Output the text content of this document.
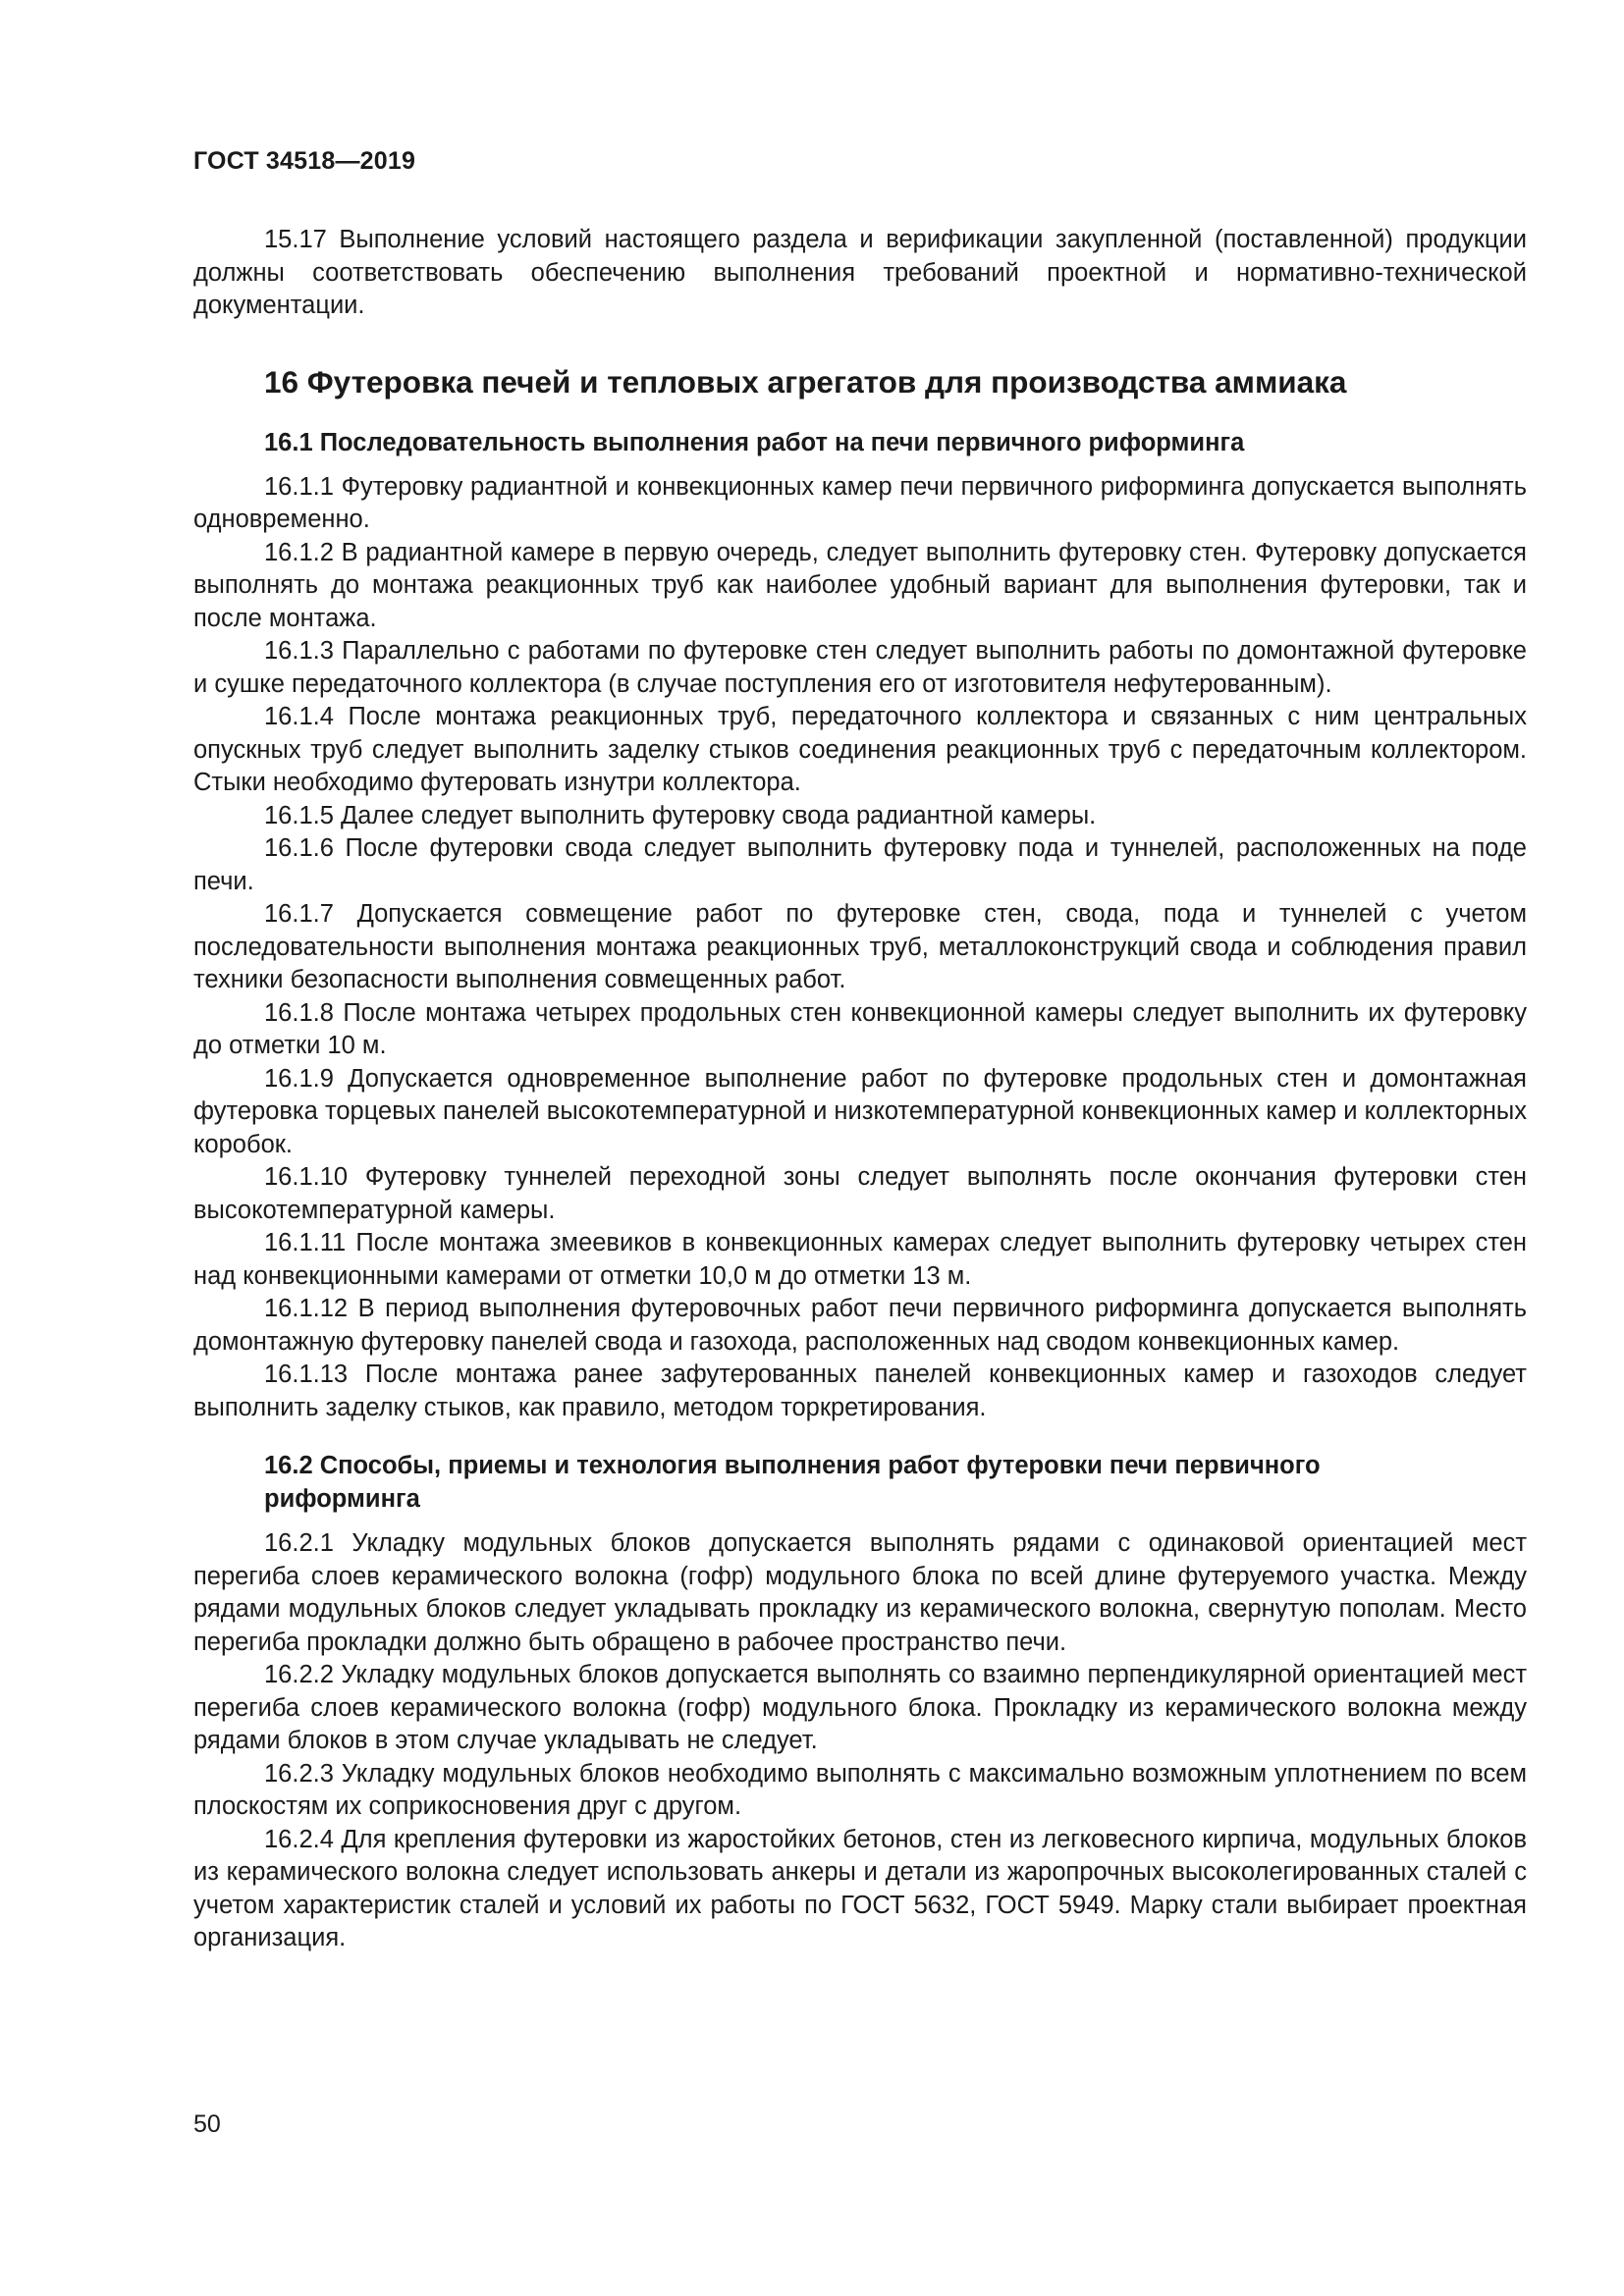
ГОСТ 34518—2019

15.17 Выполнение условий настоящего раздела и верификации закупленной (поставленной) продукции должны соответствовать обеспечению выполнения требований проектной и нормативно-технической документации.

16 Футеровка печей и тепловых агрегатов для производства аммиака
16.1 Последовательность выполнения работ на печи первичного риформинга

16.1.1 Футеровку радиантной и конвекционных камер печи первичного риформинга допускается выполнять одновременно.

16.1.2 В радиантной камере в первую очередь, следует выполнить футеровку стен. Футеровку допускается выполнять до монтажа реакционных труб как наиболее удобный вариант для выполнения футеровки, так и после монтажа.

16.1.3 Параллельно с работами по футеровке стен следует выполнить работы по домонтажной футеровке и сушке передаточного коллектора (в случае поступления его от изготовителя нефутерованным).

16.1.4 После монтажа реакционных труб, передаточного коллектора и связанных с ним центральных опускных труб следует выполнить заделку стыков соединения реакционных труб с передаточным коллектором. Стыки необходимо футеровать изнутри коллектора.

16.1.5 Далее следует выполнить футеровку свода радиантной камеры.

16.1.6 После футеровки свода следует выполнить футеровку пода и туннелей, расположенных на поде печи.

16.1.7 Допускается совмещение работ по футеровке стен, свода, пода и туннелей с учетом последовательности выполнения монтажа реакционных труб, металлоконструкций свода и соблюдения правил техники безопасности выполнения совмещенных работ.

16.1.8 После монтажа четырех продольных стен конвекционной камеры следует выполнить их футеровку до отметки 10 м.

16.1.9 Допускается одновременное выполнение работ по футеровке продольных стен и домонтажная футеровка торцевых панелей высокотемпературной и низкотемпературной конвекционных камер и коллекторных коробок.

16.1.10 Футеровку туннелей переходной зоны следует выполнять после окончания футеровки стен высокотемпературной камеры.

16.1.11 После монтажа змеевиков в конвекционных камерах следует выполнить футеровку четырех стен над конвекционными камерами от отметки 10,0 м до отметки 13 м.

16.1.12 В период выполнения футеровочных работ печи первичного риформинга допускается выполнять домонтажную футеровку панелей свода и газохода, расположенных над сводом конвекционных камер.

16.1.13 После монтажа ранее зафутерованных панелей конвекционных камер и газоходов следует выполнить заделку стыков, как правило, методом торкретирования.

16.2 Способы, приемы и технология выполнения работ футеровки печи первичного риформинга

16.2.1 Укладку модульных блоков допускается выполнять рядами с одинаковой ориентацией мест перегиба слоев керамического волокна (гофр) модульного блока по всей длине футеруемого участка. Между рядами модульных блоков следует укладывать прокладку из керамического волокна, свернутую пополам. Место перегиба прокладки должно быть обращено в рабочее пространство печи.

16.2.2 Укладку модульных блоков допускается выполнять со взаимно перпендикулярной ориентацией мест перегиба слоев керамического волокна (гофр) модульного блока. Прокладку из керамического волокна между рядами блоков в этом случае укладывать не следует.

16.2.3 Укладку модульных блоков необходимо выполнять с максимально возможным уплотнением по всем плоскостям их соприкосновения друг с другом.

16.2.4 Для крепления футеровки из жаростойких бетонов, стен из легковесного кирпича, модульных блоков из керамического волокна следует использовать анкеры и детали из жаропрочных высоколегированных сталей с учетом характеристик сталей и условий их работы по ГОСТ 5632, ГОСТ 5949. Марку стали выбирает проектная организация.

50
